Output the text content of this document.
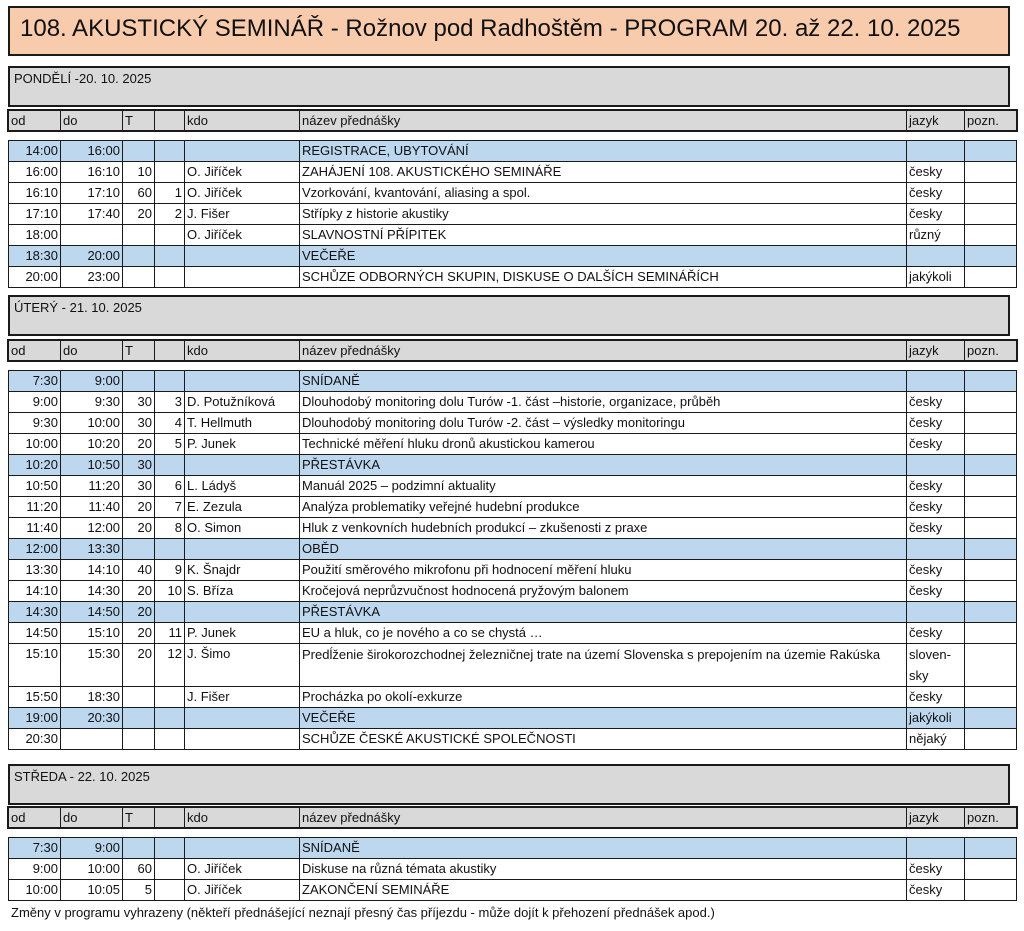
108. AKUSTICKÝ SEMINÁŘ - Rožnov pod Radhoštěm - PROGRAM 20. až 22. 10. 2025
PONDĚLÍ -20. 10. 2025
od	do	T		kdo	název přednášky	jazyk	pozn.
14:00	16:00				REGISTRACE, UBYTOVÁNÍ		
16:00	16:10	10		O. Jiříček	ZAHÁJENÍ 108. AKUSTICKÉHO SEMINÁŘE	česky	
16:10	17:10	60	1	O. Jiříček	Vzorkování, kvantování, aliasing a spol.	česky	
17:10	17:40	20	2	J. Fišer	Střípky z historie akustiky	česky	
18:00				O. Jiříček	SLAVNOSTNÍ PŘÍPITEK	různý	
18:30	20:00				VEČEŘE		
20:00	23:00				SCHŮZE ODBORNÝCH SKUPIN, DISKUSE O DALŠÍCH SEMINÁŘÍCH	jakýkoli	
ÚTERÝ - 21. 10. 2025
od	do	T		kdo	název přednášky	jazyk	pozn.
7:30	9:00				SNÍDANĚ		
9:00	9:30	30	3	D. Potužníková	Dlouhodobý monitoring dolu Turów -1. část –historie, organizace, průběh	česky	
9:30	10:00	30	4	T. Hellmuth	Dlouhodobý monitoring dolu Turów -2. část – výsledky monitoringu	česky	
10:00	10:20	20	5	P. Junek	Technické měření hluku dronů akustickou kamerou	česky	
10:20	10:50	30			PŘESTÁVKA		
10:50	11:20	30	6	L. Ládyš	Manuál 2025 – podzimní aktuality	česky	
11:20	11:40	20	7	E. Zezula	Analýza problematiky veřejné hudební produkce	česky	
11:40	12:00	20	8	O. Simon	Hluk z venkovních hudebních produkcí – zkušenosti z praxe	česky	
12:00	13:30				OBĚD		
13:30	14:10	40	9	K. Šnajdr	Použití směrového mikrofonu při hodnocení měření hluku	česky	
14:10	14:30	20	10	S. Bříza	Kročejová neprůzvučnost hodnocená pryžovým balonem	česky	
14:30	14:50	20			PŘESTÁVKA		
14:50	15:10	20	11	P. Junek	EU a hluk, co je nového a co se chystá …	česky	
15:10	15:30	20	12	J. Šimo	Predĺženie širokorozchodnej železničnej trate na území Slovenska s prepojením na územie Rakúska	sloven-sky	
15:50	18:30			J. Fišer	Procházka po okolí-exkurze	česky	
19:00	20:30				VEČEŘE	jakýkoli	
20:30					SCHŮZE ČESKÉ AKUSTICKÉ SPOLEČNOSTI	nějaký	
STŘEDA - 22. 10. 2025
od	do	T		kdo	název přednášky	jazyk	pozn.
7:30	9:00				SNÍDANĚ		
9:00	10:00	60		O. Jiříček	Diskuse na různá témata akustiky	česky	
10:00	10:05	5		O. Jiříček	ZAKONČENÍ SEMINÁŘE	česky	
Změny v programu vyhrazeny (někteří přednášející neznají přesný čas příjezdu - může dojít k přehození přednášek apod.)
